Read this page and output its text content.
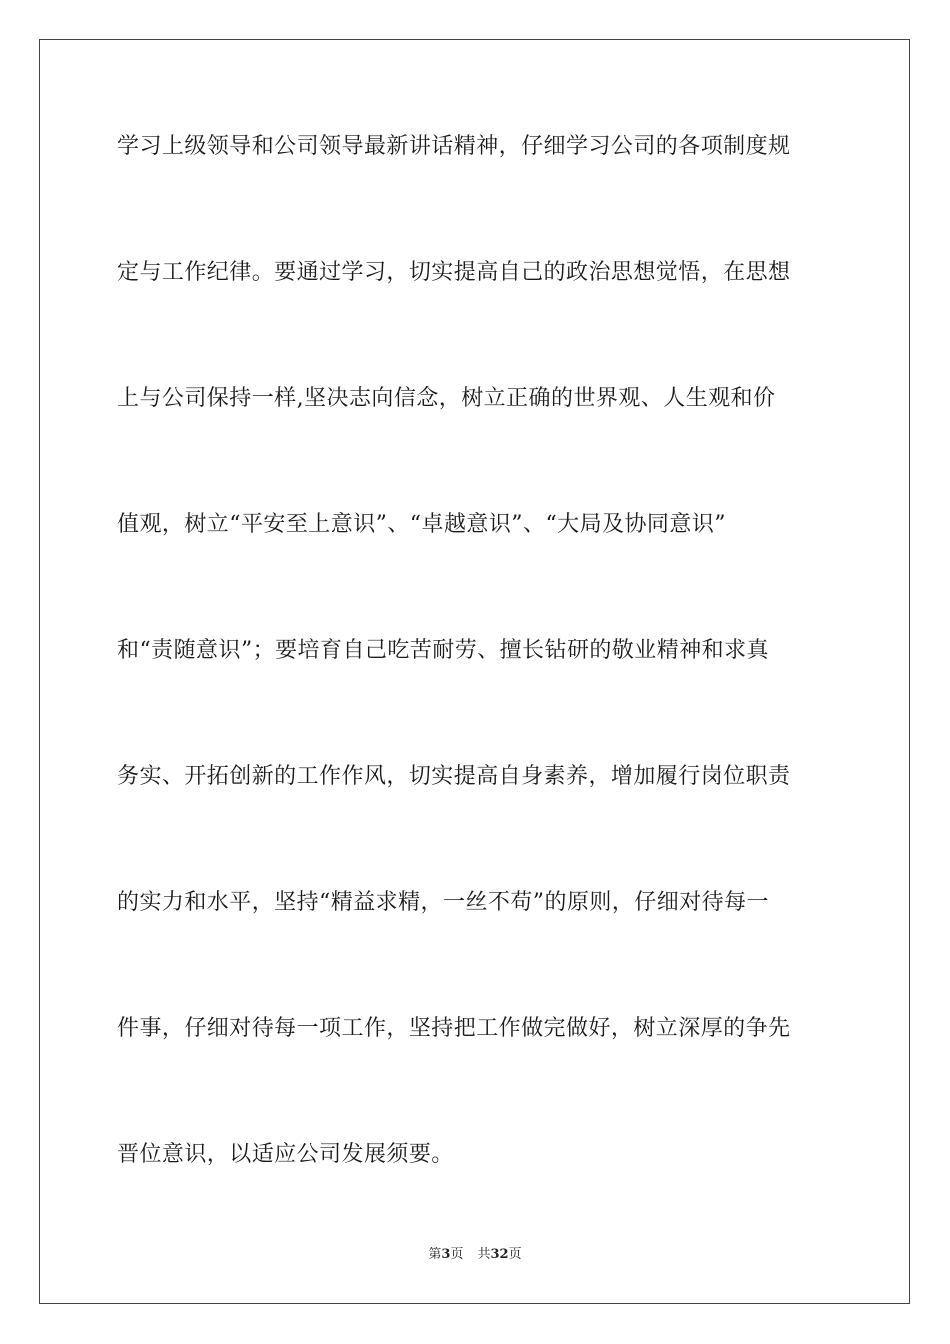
学习上级领导和公司领导最新讲话精神，仔细学习公司的各项制度规
定与工作纪律。要通过学习，切实提高自己的政治思想觉悟，在思想
上与公司保持一样,坚决志向信念，树立正确的世界观、人生观和价
值观，树立“平安至上意识”、“卓越意识”、“大局及协同意识”
和“责随意识”；要培育自己吃苦耐劳、擅长钻研的敬业精神和求真
务实、开拓创新的工作作风，切实提高自身素养，增加履行岗位职责
的实力和水平，坚持“精益求精，一丝不苟”的原则，仔细对待每一
件事，仔细对待每一项工作，坚持把工作做完做好，树立深厚的争先
晋位意识，以适应公司发展须要。
第3页 共32页
